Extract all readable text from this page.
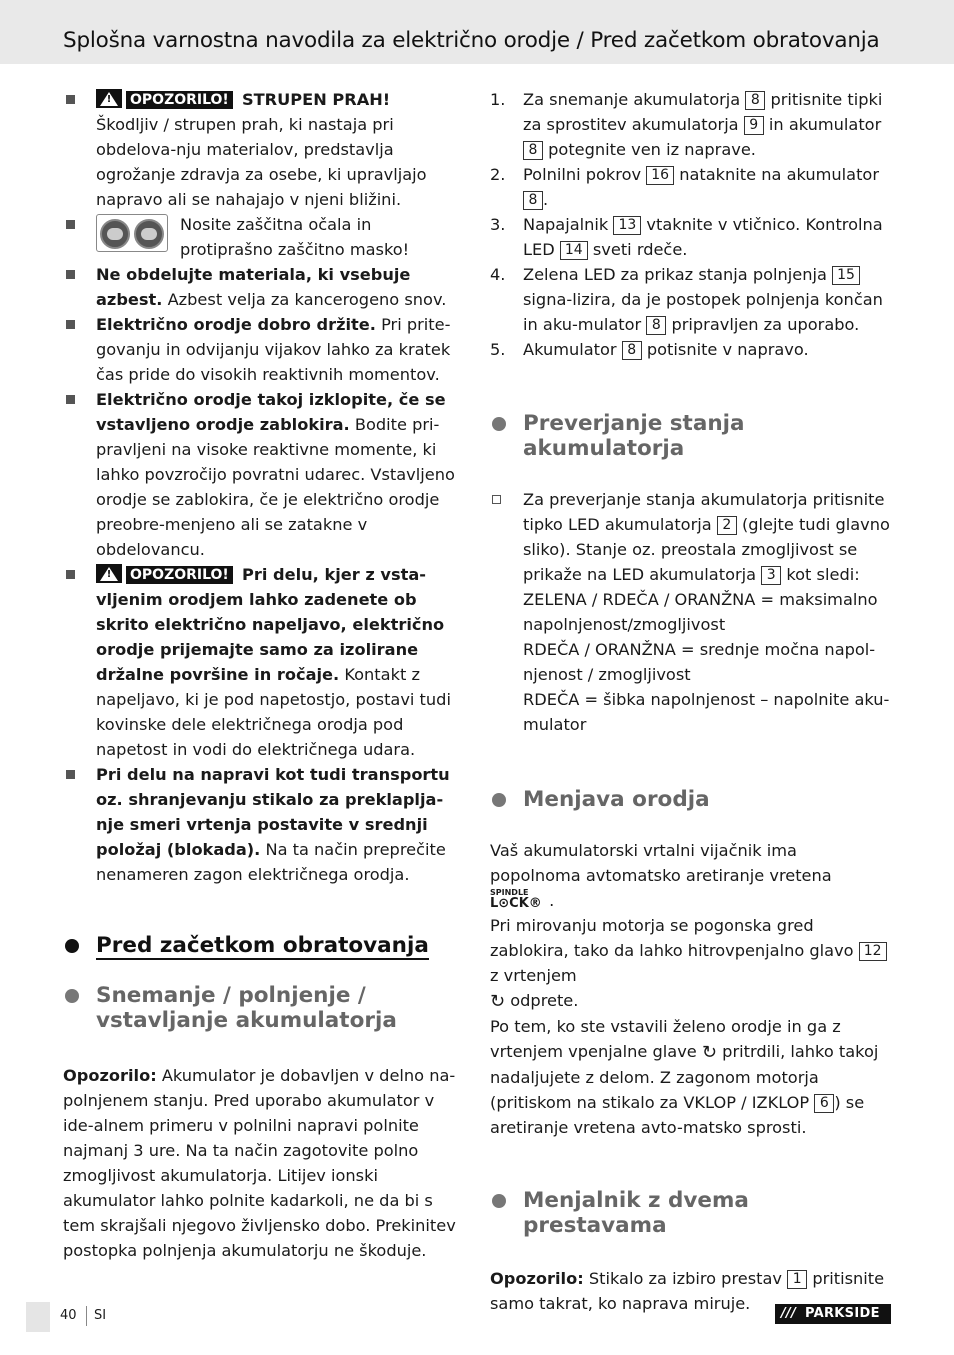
Splošna varnostna navodila za električno orodje / Pred začetkom obratovanja
!OPOZORILO! STRUPEN PRAH!
Škodljiv / strupen prah, ki nastaja pri obdelova-nju materialov, predstavlja ogrožanje zdravja za osebe, ki upravljajo napravo ali se nahajajo v njeni bližini.
Nosite zaščitna očala in protiprašno zaščitno masko!
Ne obdelujte materiala, ki vsebuje azbest. Azbest velja za kancerogeno snov.
Električno orodje dobro držite. Pri prite-govanju in odvijanju vijakov lahko za kratek čas pride do visokih reaktivnih momentov.
Električno orodje takoj izklopite, če se vstavljeno orodje zablokira. Bodite pri-pravljeni na visoke reaktivne momente, ki lahko povzročijo povratni udarec. Vstavljeno orodje se zablokira, če je električno orodje preobre-menjeno ali se zatakne v obdelovancu.
!OPOZORILO! Pri delu, kjer z vsta-vljenim orodjem lahko zadenete ob skrito električno napeljavo, električno orodje prijemajte samo za izolirane držalne površine in ročaje. Kontakt z napeljavo, ki je pod napetostjo, postavi tudi kovinske dele električnega orodja pod napetost in vodi do električnega udara.
Pri delu na napravi kot tudi transportu oz. shranjevanju stikalo za preklaplja-nje smeri vrtenja postavite v srednji položaj (blokada). Na ta način preprečite nenameren zagon električnega orodja.
Pred začetkom obratovanja
Snemanje / polnjenje / vstavljanje akumulatorja

Opozorilo: Akumulator je dobavljen v delno na-polnjenem stanju. Pred uporabo akumulator v ide-alnem primeru v polnilni napravi polnite najmanj 3 ure. Na ta način zagotovite polno zmogljivost akumulatorja. Litijev ionski akumulator lahko polnite kadarkoli, ne da bi s tem skrajšali njegovo življensko dobo. Prekinitev postopka polnjenja akumulatorju ne škoduje.

1. Za snemanje akumulatorja 8 pritisnite tipki za sprostitev akumulatorja 9 in akumulator 8 potegnite ven iz naprave.
2. Polnilni pokrov 16 nataknite na akumulator 8 .
3. Napajalnik 13 vtaknite v vtičnico. Kontrolna LED 14 sveti rdeče.
4. Zelena LED za prikaz stanja polnjenja 15 signa-lizira, da je postopek polnjenja končan in aku-mulator 8 pripravljen za uporabo.
5. Akumulator 8 potisnite v napravo.
Preverjanje stanja akumulatorja
Za preverjanje stanja akumulatorja pritisnite tipko LED akumulatorja 2 (glejte tudi glavno sliko). Stanje oz. preostala zmogljivost se prikaže na LED akumulatorja 3 kot sledi:
ZELENA / RDEČA / ORANŽNA = maksimalno napolnjenost/zmogljivost
RDEČA / ORANŽNA = srednje močna napol-njenost / zmogljivost
RDEČA = šibka napolnjenost – napolnite aku-mulator
Menjava orodja

Vaš akumulatorski vrtalni vijačnik ima popolnoma avtomatsko aretiranje vretena
SPINDLE
L⊙CK® .
Pri mirovanju motorja se pogonska gred zablokira, tako da lahko hitrovpenjalno glavo 12 z vrtenjem
↻ odprete.
Po tem, ko ste vstavili želeno orodje in ga z vrtenjem vpenjalne glave ↻ pritrdili, lahko takoj nadaljujete z delom. Z zagonom motorja (pritiskom na stikalo za VKLOP / IZKLOP 6 ) se aretiranje vretena avto-matsko sprosti.

Menjalnik z dvema prestavama

Opozorilo: Stikalo za izbiro prestav 1 pritisnite samo takrat, ko naprava miruje.

40 SI	/// PARKSIDE
